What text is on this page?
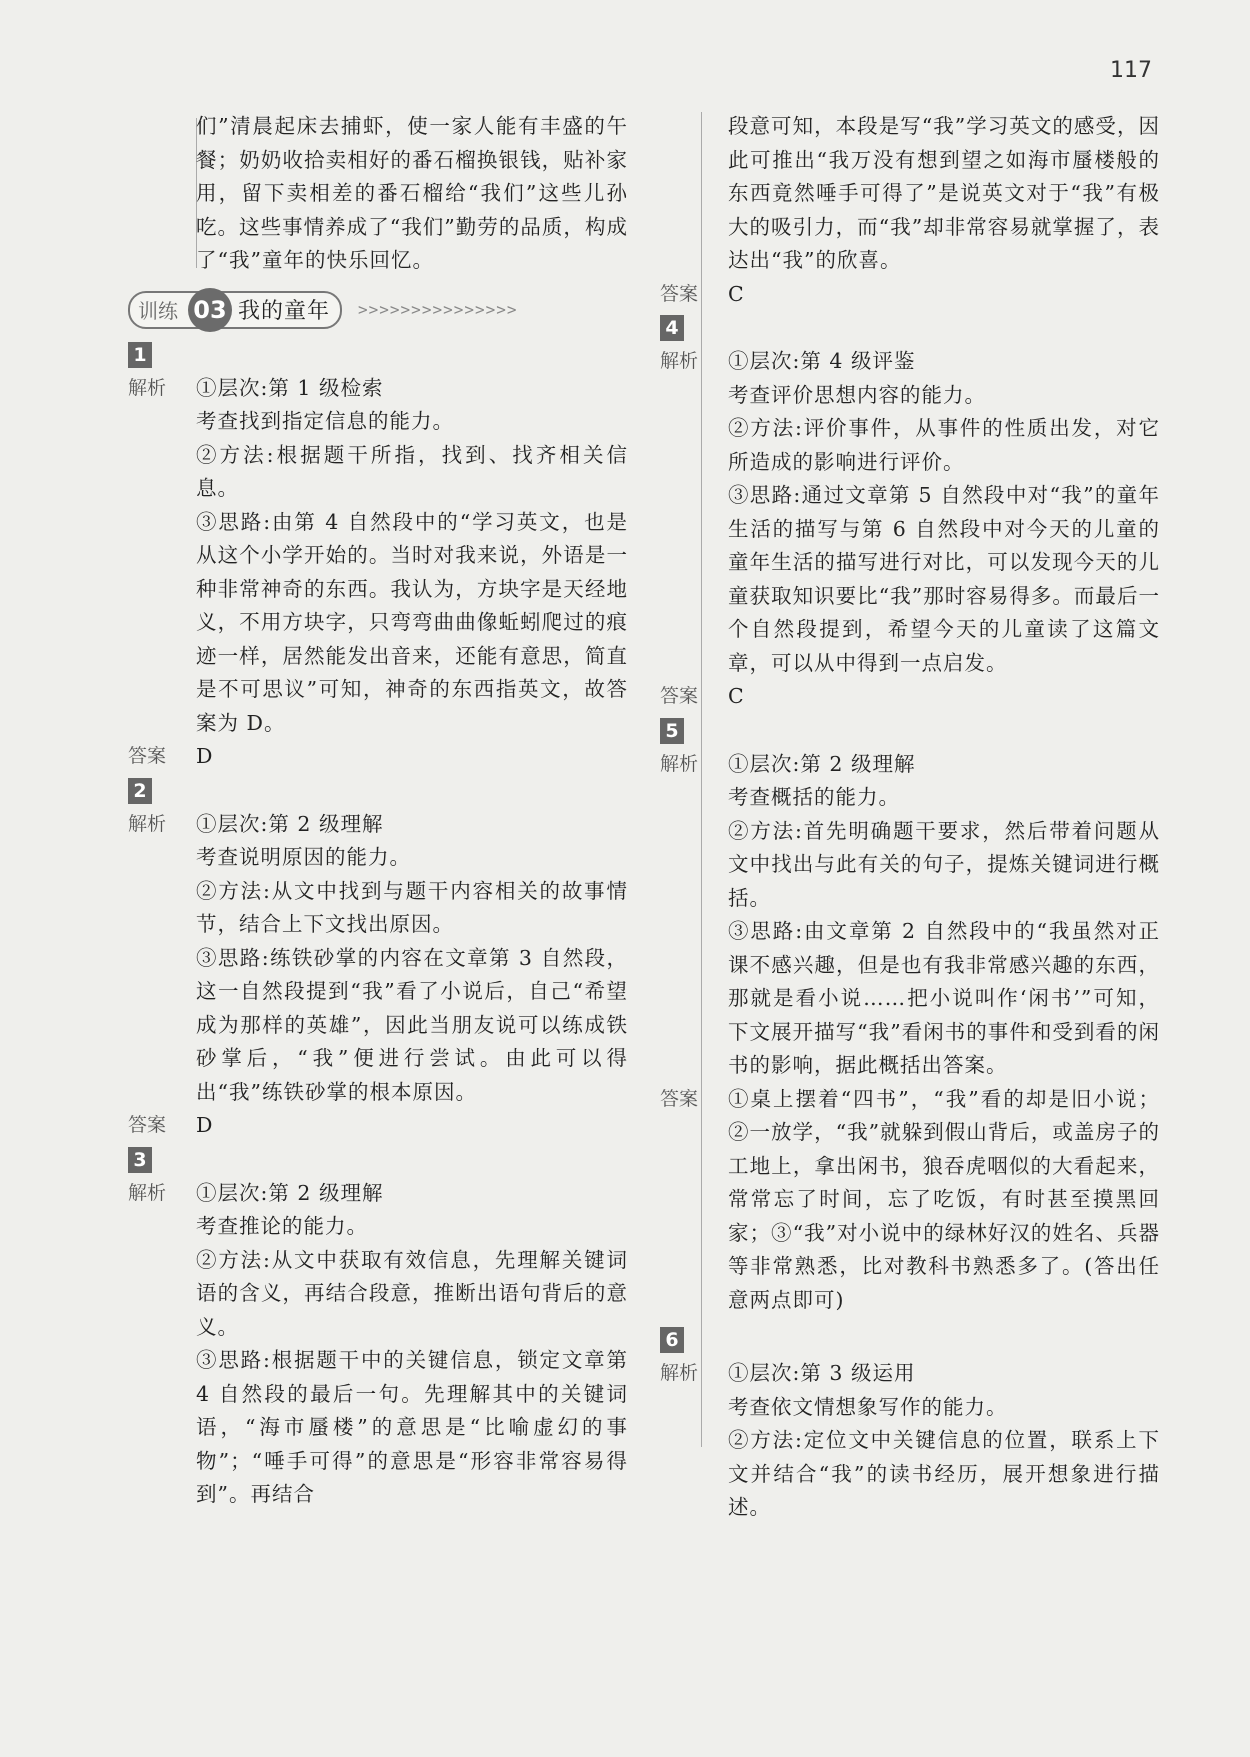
117

们”清晨起床去捕虾，使一家人能有丰盛的午餐；奶奶收拾卖相好的番石榴换银钱，贴补家用，留下卖相差的番石榴给“我们”这些儿孙吃。这些事情养成了“我们”勤劳的品质，构成了“我”童年的快乐回忆。

训练 03 我的童年 >>>>>>>>>>>>>>>
1
解析 ①层次:第 1 级检索
考查找到指定信息的能力。
②方法:根据题干所指，找到、找齐相关信息。
③思路:由第 4 自然段中的“学习英文，也是从这个小学开始的。当时对我来说，外语是一种非常神奇的东西。我认为，方块字是天经地义，不用方块字，只弯弯曲曲像蚯蚓爬过的痕迹一样，居然能发出音来，还能有意思，简直是不可思议”可知，神奇的东西指英文，故答案为 D。

答案	D
2
解析 ①层次:第 2 级理解
考查说明原因的能力。
②方法:从文中找到与题干内容相关的故事情节，结合上下文找出原因。
③思路:练铁砂掌的内容在文章第 3 自然段，这一自然段提到“我”看了小说后，自己“希望成为那样的英雄”，因此当朋友说可以练成铁砂掌后，“我”便进行尝试。由此可以得出“我”练铁砂掌的根本原因。

答案	D
3
解析 ①层次:第 2 级理解
考查推论的能力。
②方法:从文中获取有效信息，先理解关键词语的含义，再结合段意，推断出语句背后的意义。
③思路:根据题干中的关键信息，锁定文章第 4 自然段的最后一句。先理解其中的关键词语，“海市蜃楼”的意思是“比喻虚幻的事物”；“唾手可得”的意思是“形容非常容易得到”。再结合

段意可知，本段是写“我”学习英文的感受，因此可推出“我万没有想到望之如海市蜃楼般的东西竟然唾手可得了”是说英文对于“我”有极大的吸引力，而“我”却非常容易就掌握了，表达出“我”的欣喜。

答案	C
4
解析 ①层次:第 4 级评鉴
考查评价思想内容的能力。
②方法:评价事件，从事件的性质出发，对它所造成的影响进行评价。
③思路:通过文章第 5 自然段中对“我”的童年生活的描写与第 6 自然段中对今天的儿童的童年生活的描写进行对比，可以发现今天的儿童获取知识要比“我”那时容易得多。而最后一个自然段提到，希望今天的儿童读了这篇文章，可以从中得到一点启发。

答案	C
5
解析 ①层次:第 2 级理解
考查概括的能力。
②方法:首先明确题干要求，然后带着问题从文中找出与此有关的句子，提炼关键词进行概括。
③思路:由文章第 2 自然段中的“我虽然对正课不感兴趣，但是也有我非常感兴趣的东西，那就是看小说……把小说叫作‘闲书’”可知，下文展开描写“我”看闲书的事件和受到看的闲书的影响，据此概括出答案。

答案	①桌上摆着“四书”，“我”看的却是旧小说；②一放学，“我”就躲到假山背后，或盖房子的工地上，拿出闲书，狼吞虎咽似的大看起来，常常忘了时间，忘了吃饭，有时甚至摸黑回家；③“我”对小说中的绿林好汉的姓名、兵器等非常熟悉，比对教科书熟悉多了。(答出任意两点即可)
6
解析 ①层次:第 3 级运用
考查依文情想象写作的能力。
②方法:定位文中关键信息的位置，联系上下文并结合“我”的读书经历，展开想象进行描述。
